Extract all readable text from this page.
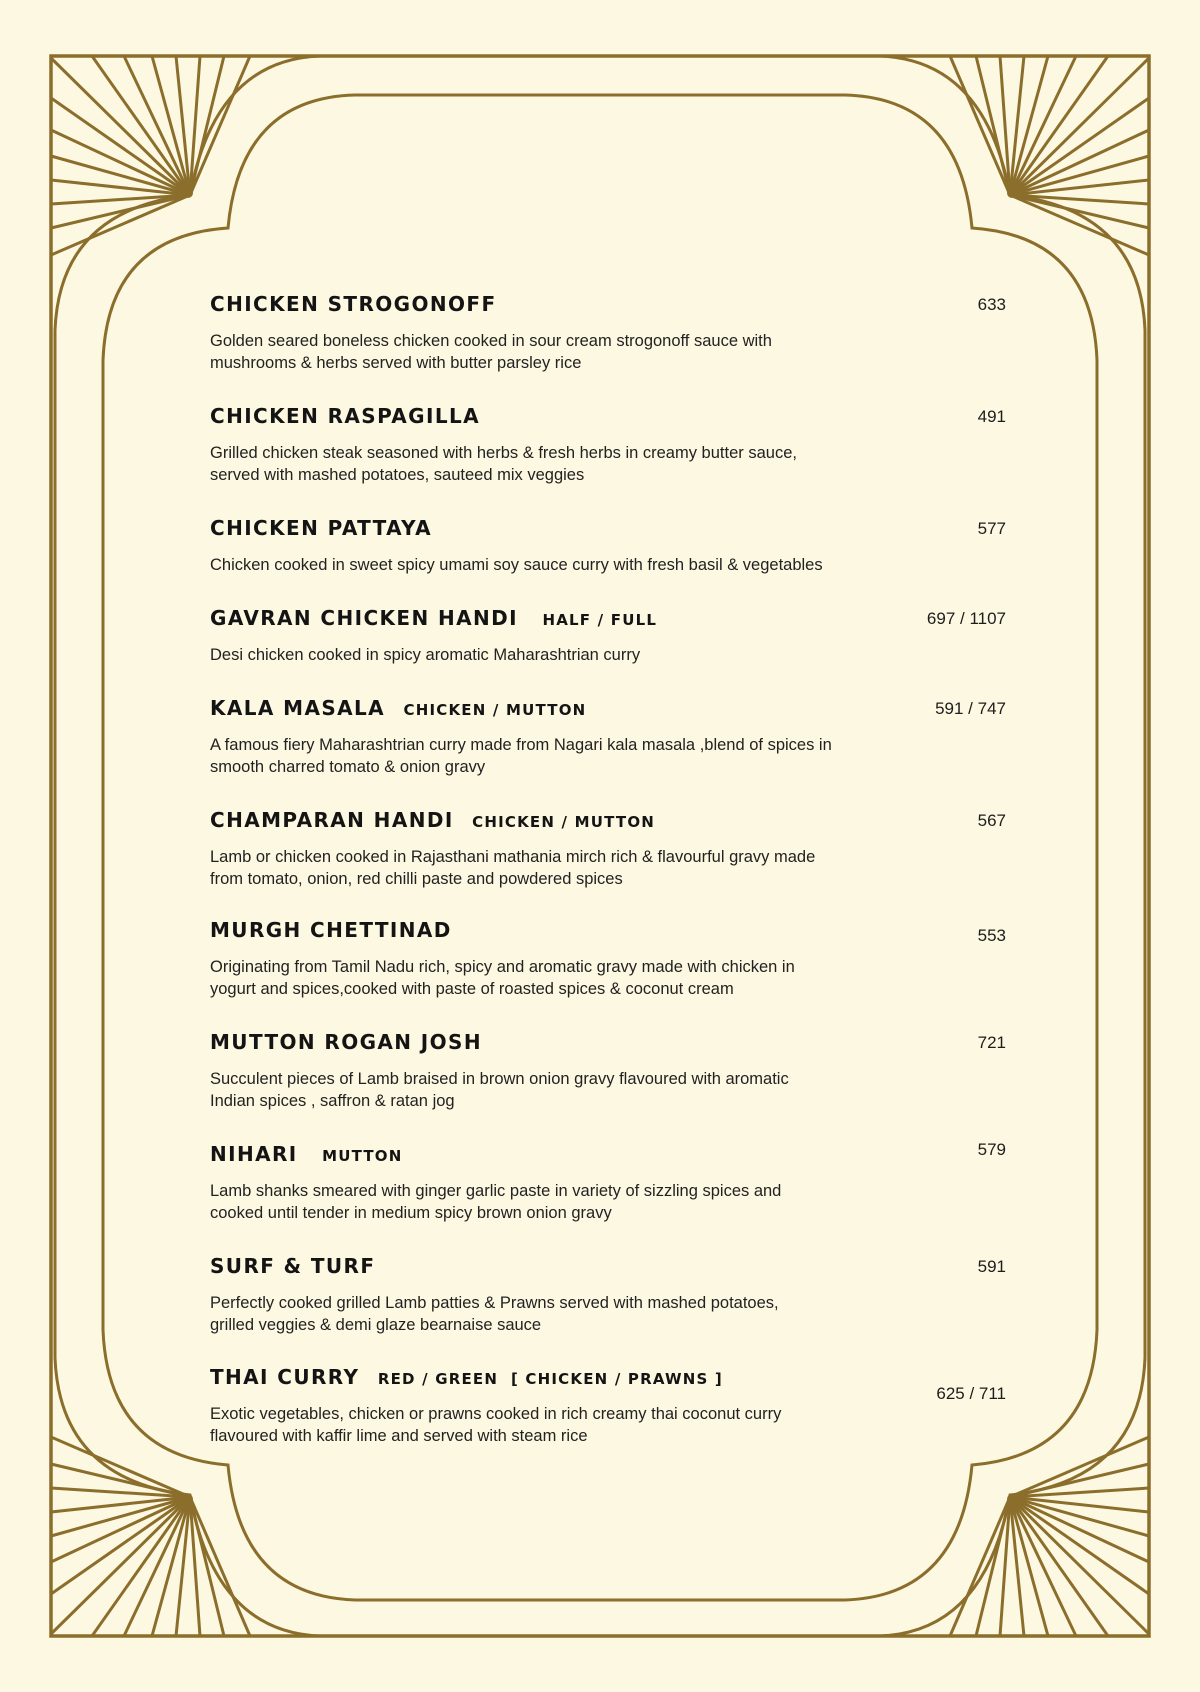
CHICKEN STROGONOFF	633
Golden seared boneless chicken cooked in sour cream strogonoff sauce with
mushrooms & herbs served with butter parsley rice
CHICKEN RASPAGILLA	491
Grilled chicken steak seasoned with herbs & fresh herbs in creamy butter sauce,
served with mashed potatoes, sauteed mix veggies
CHICKEN PATTAYA	577
Chicken cooked in sweet spicy umami soy sauce curry with fresh basil & vegetables
GAVRAN CHICKEN HANDI HALF / FULL	697 / 1107
Desi chicken cooked in spicy aromatic Maharashtrian curry
KALA MASALA CHICKEN / MUTTON	591 / 747
A famous fiery Maharashtrian curry made from Nagari kala masala ,blend of spices in
smooth charred tomato & onion gravy
CHAMPARAN HANDI CHICKEN / MUTTON	567
Lamb or chicken cooked in Rajasthani mathania mirch rich & flavourful gravy made
from tomato, onion, red chilli paste and powdered spices
MURGH CHETTINAD	553
Originating from Tamil Nadu rich, spicy and aromatic gravy made with chicken in
yogurt and spices,cooked with paste of roasted spices & coconut cream
MUTTON ROGAN JOSH	721
Succulent pieces of Lamb braised in brown onion gravy flavoured with aromatic
Indian spices , saffron & ratan jog
NIHARI MUTTON	579
Lamb shanks smeared with ginger garlic paste in variety of sizzling spices and
cooked until tender in medium spicy brown onion gravy
SURF & TURF	591
Perfectly cooked grilled Lamb patties & Prawns served with mashed potatoes,
grilled veggies & demi glaze bearnaise sauce
THAI CURRY RED / GREEN  [ CHICKEN / PRAWNS ]
625 / 711
Exotic vegetables, chicken or prawns cooked in rich creamy thai coconut curry
flavoured with kaffir lime and served with steam rice
